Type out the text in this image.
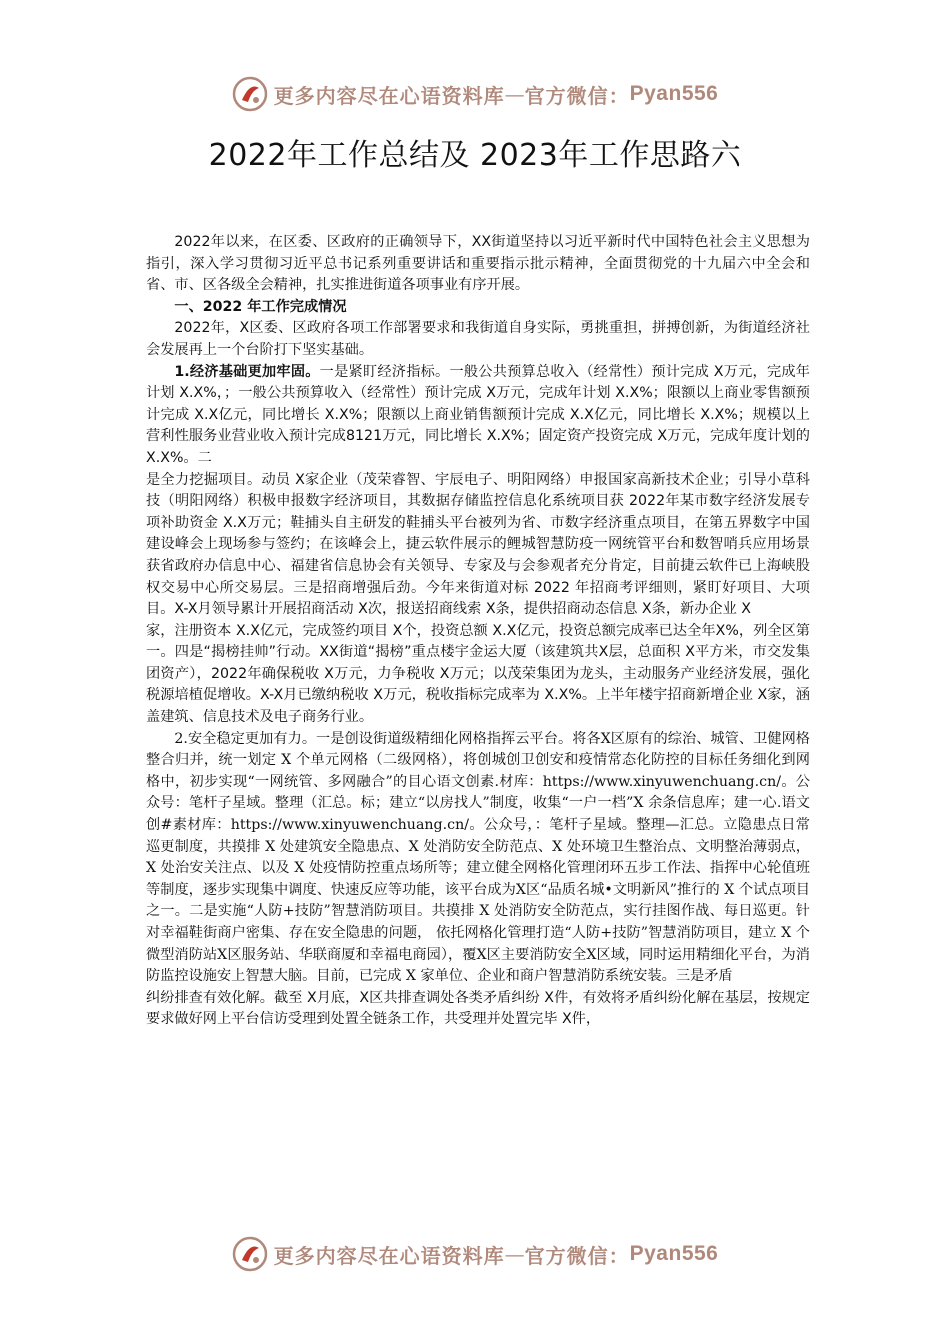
更多内容尽在心语资料库 — 官方微信： Pyan556
2022年工作总结及 2023年工作思路六

2022年以来，在区委、区政府的正确领导下，XX街道坚持以习近平新时代中国特色社会主义思想为指引，深入学习贯彻习近平总书记系列重要讲话和重要指示批示精神，全面贯彻党的十九届六中全会和省、市、区各级全会精神，扎实推进街道各项事业有序开展。

一、2022 年工作完成情况

2022年，X区委、区政府各项工作部署要求和我街道自身实际，勇挑重担，拼搏创新，为街道经济社会发展再上一个台阶打下坚实基础。

1.经济基础更加牢固。一是紧盯经济指标。一般公共预算总收入（经常性）预计完成 X万元，完成年计划 X.X%，；一般公共预算收入（经常性）预计完成 X万元，完成年计划 X.X%；限额以上商业零售额预计完成 X.X亿元，同比增长 X.X%；限额以上商业销售额预计完成 X.X亿元，同比增长 X.X%；规模以上营利性服务业营业收入预计完成8121万元，同比增长 X.X%；固定资产投资完成 X万元，完成年度计划的 X.X%。二

是全力挖掘项目。动员 X家企业（茂荣睿智、宇辰电子、明阳网络）申报国家高新技术企业；引导小草科技（明阳网络）积极申报数字经济项目，其数据存储监控信息化系统项目获 2022年某市数字经济发展专项补助资金 X.X万元；鞋捕头自主研发的鞋捕头平台被列为省、市数字经济重点项目，在第五界数字中国建设峰会上现场参与签约；在该峰会上，捷云软件展示的鲤城智慧防疫一网统管平台和数智哨兵应用场景获省政府办信息中心、福建省信息协会有关领导、专家及与会参观者充分肯定，目前捷云软件已上海峡股权交易中心所交易层。三是招商增强后劲。今年来街道对标 2022 年招商考评细则，紧盯好项目、大项目。X-X月领导累计开展招商活动 X次，报送招商线索 X条，提供招商动态信息 X条，新办企业 X

家，注册资本 X.X亿元，完成签约项目 X个，投资总额 X.X亿元，投资总额完成率已达全年X%，列全区第一。四是“揭榜挂帅”行动。XX街道“揭榜”重点楼宇金运大厦（该建筑共X层，总面积 X平方米，市交发集团资产），2022年确保税收 X万元，力争税收 X万元；以茂荣集团为龙头，主动服务产业经济发展，强化税源培植促增收。X-X月已缴纳税收 X万元，税收指标完成率为 X.X%。上半年楼宇招商新增企业 X家，涵盖建筑、信息技术及电子商务行业。

2.安全稳定更加有力。一是创设街道级精细化网格指挥云平台。将各X区原有的综治、城管、卫健网格整合归并，统一划定 X 个单元网格（二级网格），将创城创卫创安和疫情常态化防控的目标任务细化到网格中，初步实现“一网统管、多网融合”的目心语文创素.材库：https://www.xinyuwenchuang.cn/。公众号：笔杆子星域。整理（汇总。标；建立“以房找人”制度，收集“一户一档”X 余条信息库；建一心.语文创#素材库：https://www.xinyuwenchuang.cn/。公众号，：笔杆子星域。整理—汇总。立隐患点日常巡更制度，共摸排 X 处建筑安全隐患点、X 处消防安全防范点、X 处环境卫生整治点、文明整治薄弱点，X 处治安关注点、以及 X 处疫情防控重点场所等；建立健全网格化管理闭环五步工作法、指挥中心轮值班等制度，逐步实现集中调度、快速反应等功能，该平台成为X区“品质名城•文明新风”推行的 X 个试点项目之一。二是实施“人防+技防”智慧消防项目。共摸排 X 处消防安全防范点，实行挂图作战、每日巡更。针对幸福鞋街商户密集、存在安全隐患的问题， 依托网格化管理打造“人防+技防”智慧消防项目，建立 X 个微型消防站X区服务站、华联商厦和幸福电商园），覆X区主要消防安全X区域，同时运用精细化平台，为消防监控设施安上智慧大脑。目前，已完成 X 家单位、企业和商户智慧消防系统安装。三是矛盾

纠纷排查有效化解。截至 X月底，X区共排查调处各类矛盾纠纷 X件，有效将矛盾纠纷化解在基层，按规定要求做好网上平台信访受理到处置全链条工作，共受理并处置完毕 X件，

更多内容尽在心语资料库 — 官方微信： Pyan556
